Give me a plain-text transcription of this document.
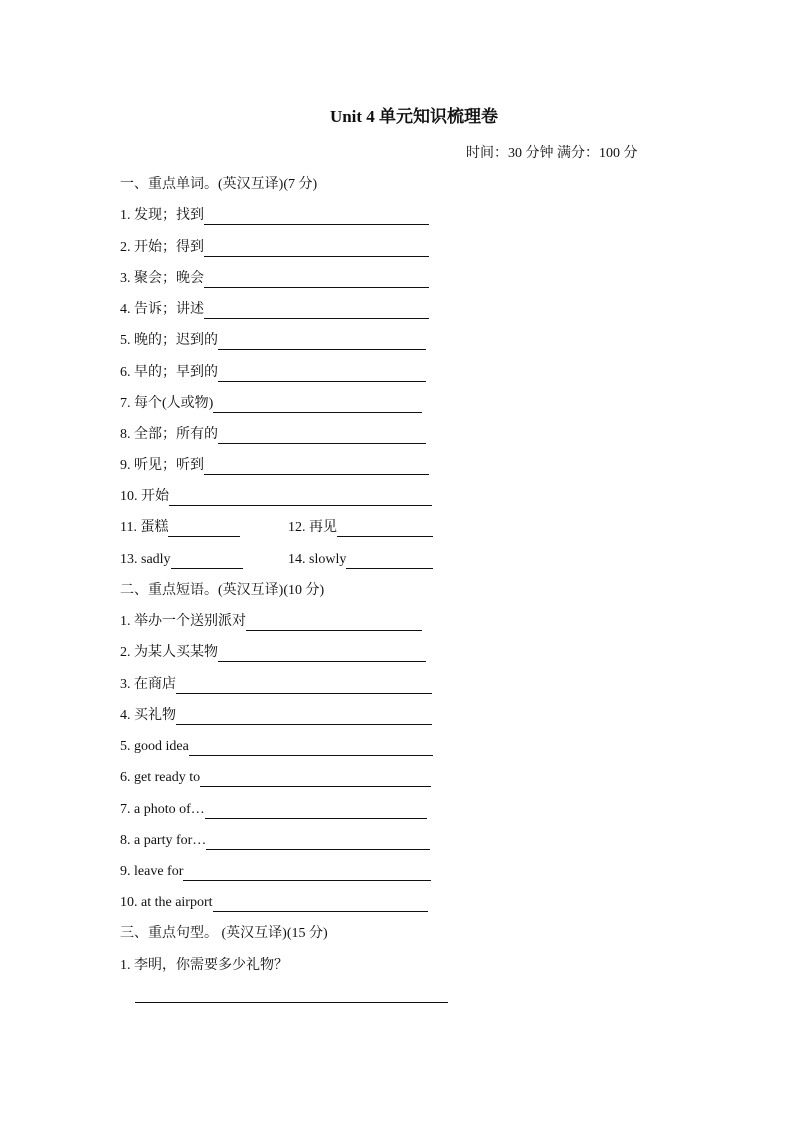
Unit 4 单元知识梳理卷
时间：30 分钟 满分：100 分
一、重点单词。(英汉互译)(7 分)
1. 发现；找到
2. 开始；得到
3. 聚会；晚会
4. 告诉；讲述
5. 晚的；迟到的
6. 早的；早到的
7. 每个(人或物)
8. 全部；所有的
9. 听见；听到
10. 开始
11. 蛋糕	12. 再见
13. sadly	14. slowly
二、重点短语。(英汉互译)(10 分)
1. 举办一个送别派对
2. 为某人买某物
3. 在商店
4. 买礼物
5. good idea
6. get ready to
7. a photo of…
8. a party for…
9. leave for
10. at the airport
三、重点句型。 (英汉互译)(15 分)
1. 李明，你需要多少礼物？
